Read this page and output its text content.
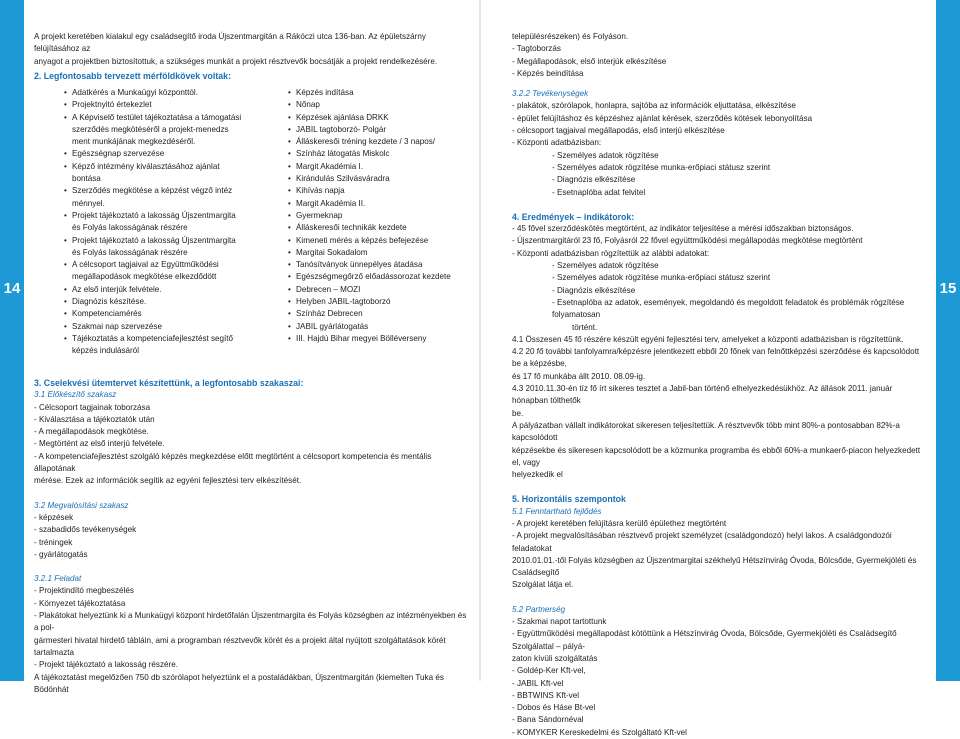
14	15

A projekt keretében kialakul egy családsegítő iroda Újszentmargitán a Rákóczi utca 136-ban. Az épületszárny felújításához az

anyagot a projektben biztosítottuk, a szükséges munkát a projekt résztvevők bocsátják a projekt rendelkezésére.

2. Legfontosabb tervezett mérföldkövek voltak:
• Adatkérés a Munkaügyi központtól.
• Projektnyitó értekezlet
• A Képviselő testület tájékoztatása a támogatási
szerződés megkötéséről a projekt-menedzs
ment munkájának megkezdéséről.
• Egészségnap szervezése
• Képző intézmény kiválasztásához ajánlat
bontása
• Szerződés megkötése a képzést végző intéz
ménnyel.
• Projekt tájékoztató a lakosság Újszentmargita
és Folyás lakosságának részére
• Projekt tájékoztató a lakosság Újszentmargita
és Folyás lakosságának részére
• A célcsoport tagjaival az Együttműködési
megállapodások megkötése elkezdődött
• Az első interjúk felvétele.
• Diagnózis készítése.
• Kompetenciamérés
• Szakmai nap szervezése
• Tájékoztatás a kompetenciafejlesztést segítő
képzés indulásáról
• Képzés indítása
• Nőnap
• Képzések ajánlása DRKK
• JABIL tagtoborzó- Polgár
• Álláskeresői tréning kezdete / 3 napos/
• Színház látogatás Miskolc
• Margit Akadémia I.
• Kirándulás Szilvásváradra
• Kihívás napja
• Margit Akadémia II.
• Gyermeknap
• Álláskeresői technikák kezdete
• Kimeneti mérés a képzés befejezése
• Margitai Sokadalom
• Tanósítványok ünnepélyes átadása
• Egészségmegőrző előadássorozat kezdete
• Debrecen – MOZI
• Helyben JABIL-tagtoborzó
• Színház Debrecen
• JABIL gyárlátogatás
• III. Hajdú Bihar megyei Bölléverseny

3. Cselekvési ütemtervet készítettünk, a legfontosabb szakaszai:

3.1 Előkészítő szakasz

- Célcsoport tagjainak toborzása

- Kiválasztása a tájékoztatók után

- A megállapodások megkötése.

- Megtörtént az első interjú felvétele.

- A kompetenciafejlesztést szolgáló képzés megkezdése előtt megtörtént a célcsoport kompetencia és mentális állapotának

mérése. Ezek az információk segítik az egyéni fejlesztési terv elkészítését.

3.2 Megvalósítási szakasz

- képzések

- szabadidős tevékenységek

- tréningek

- gyárlátogatás

3.2.1 Feladat

- Projektindító megbeszélés

- Környezet tájékoztatása

- Plakátokat helyeztünk ki a Munkaügyi központ hirdetőfalán Újszentmargita és Folyás községben az intézményekben és a pol-

gármesteri hivatal hirdető tábláin, ami a programban résztvevők körét és a projekt által nyújtott szolgáltatások körét tartalmazta

- Projekt tájékoztató a lakosság részére.

A tájékoztatást megelőzően 750 db szórólapot helyeztünk el a postaládákban, Újszentmargitán (kiemelten Tuka és Bödönhát

településrészeken) és Folyáson.

- Tagtoborzás

- Megállapodások, első interjúk elkészítése

- Képzés beindítása

3.2.2 Tevékenységek

- plakátok, szórólapok, honlapra, sajtóba az információk eljuttatása, elkészítése

- épület felújításhoz és képzéshez ajánlat kérések, szerződés kötések lebonyolítása

- célcsoport tagjaival megállapodás, első interjú elkészítése

- Központi adatbázisban:

- Személyes adatok rögzítése

- Személyes adatok rögzítése munka-erőpiaci státusz szerint

- Diagnózis elkészítése

- Esetnaplóba adat felvitel

4. Eredmények – indikátorok:

- 45 fővel szerződéskötés megtörtént, az indikátor teljesítése a mérési időszakban biztonságos.

- Újszentmargitáról 23 fő, Folyásról 22 fővel együttműködési megállapodás megkötése megtörtént

- Központi adatbázisban rögzítettük az alábbi adatokat:

- Személyes adatok rögzítése

- Személyes adatok rögzítése munka-erőpiaci státusz szerint

- Diagnózis elkészítése

- Esetnaplóba az adatok, események, megoldandó és megoldott feladatok és problémák rögzítése folyamatosan

történt.

4.1 Összesen 45 fő részére készült egyéni fejlesztési terv, amelyeket a központi adatbázisban is rögzítettünk.

4.2 20 fő további tanfolyamra/képzésre jelentkezett ebből 20 főnek van felnőttképzési szerződése és kapcsolódott be a képzésbe,

és 17 fő munkába állt 2010. 08.09-ig.

4.3 2010.11.30-én tíz fő írt sikeres tesztet a Jabil-ban történő elhelyezkedésükhöz. Az állások 2011. január hónapban tölthetők

be.

A pályázatban vállalt indikátorokat sikeresen teljesítettük. A résztvevők több mint 80%-a pontosabban 82%-a kapcsolódott

képzésekbe és sikeresen kapcsolódott be a közmunka programba és ebből 60%-a munkaerő-piacon helyezkedett el, vagy

helyezkedik el

5. Horizontális szempontok

5.1 Fenntartható fejlődés

- A projekt keretében felújításra kerülő épülethez megtörtént

- A projekt megvalósításában résztvevő projekt személyzet (családgondozó) helyi lakos. A családgondozói feladatokat

2010.01.01.-től Folyás községben az Újszentmargitai székhelyű Hétszínvirág Óvoda, Bölcsőde, Gyermekjóléti és Családsegítő

Szolgálat látja el.

5.2 Partnerség

- Szakmai napot tartottunk

- Együttműködési megállapodást kötöttünk a Hétszínvirág Óvoda, Bölcsőde, Gyermekjóléti és Családsegítő Szolgálattal – pályá-

zaton kívüli szolgáltatás

- Goldép-Ker Kft-vel,

- JABIL Kft-vel

- BBTWINS Kft-vel

- Dobos és Háse Bt-vel

- Bana Sándornéval

- KOMYKER Kereskedelmi és Szolgáltató Kft-vel
